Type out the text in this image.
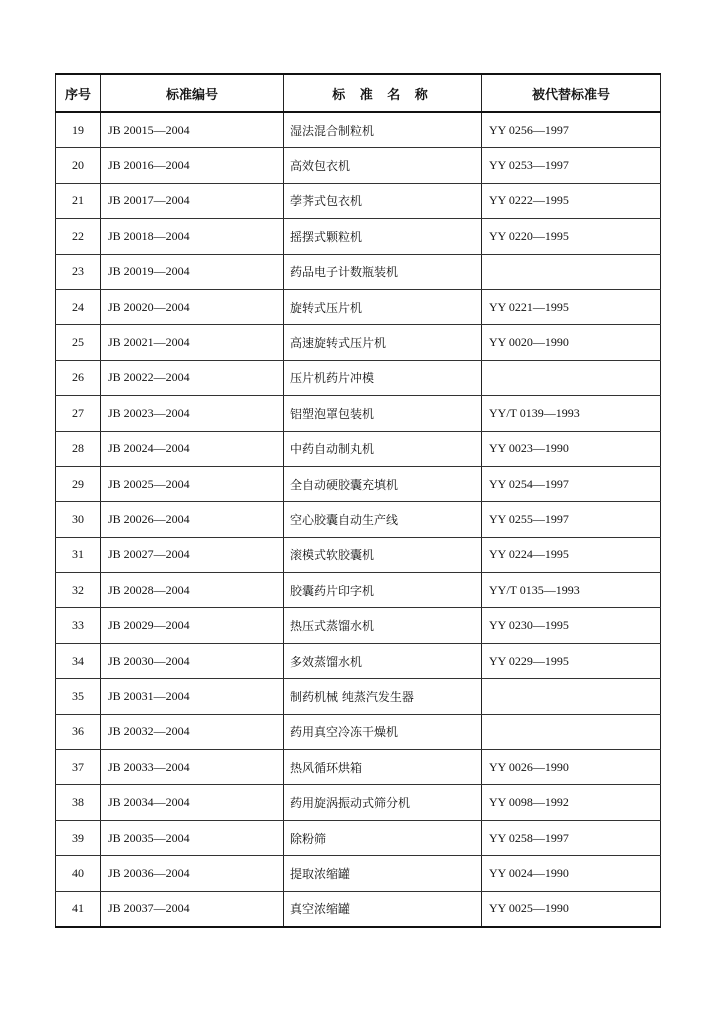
序号	标准编号	标 准 名 称	被代替标准号
19	JB 20015—2004	湿法混合制粒机	YY 0256—1997
20	JB 20016—2004	高效包衣机	YY 0253—1997
21	JB 20017—2004	荸荠式包衣机	YY 0222—1995
22	JB 20018—2004	摇摆式颗粒机	YY 0220—1995
23	JB 20019—2004	药品电子计数瓶装机	
24	JB 20020—2004	旋转式压片机	YY 0221—1995
25	JB 20021—2004	高速旋转式压片机	YY 0020—1990
26	JB 20022—2004	压片机药片冲模	
27	JB 20023—2004	铝塑泡罩包装机	YY/T 0139—1993
28	JB 20024—2004	中药自动制丸机	YY 0023—1990
29	JB 20025—2004	全自动硬胶囊充填机	YY 0254—1997
30	JB 20026—2004	空心胶囊自动生产线	YY 0255—1997
31	JB 20027—2004	滚模式软胶囊机	YY 0224—1995
32	JB 20028—2004	胶囊药片印字机	YY/T 0135—1993
33	JB 20029—2004	热压式蒸馏水机	YY 0230—1995
34	JB 20030—2004	多效蒸馏水机	YY 0229—1995
35	JB 20031—2004	制药机械 纯蒸汽发生器	
36	JB 20032—2004	药用真空冷冻干燥机	
37	JB 20033—2004	热风循环烘箱	YY 0026—1990
38	JB 20034—2004	药用旋涡振动式筛分机	YY 0098—1992
39	JB 20035—2004	除粉筛	YY 0258—1997
40	JB 20036—2004	提取浓缩罐	YY 0024—1990
41	JB 20037—2004	真空浓缩罐	YY 0025—1990
